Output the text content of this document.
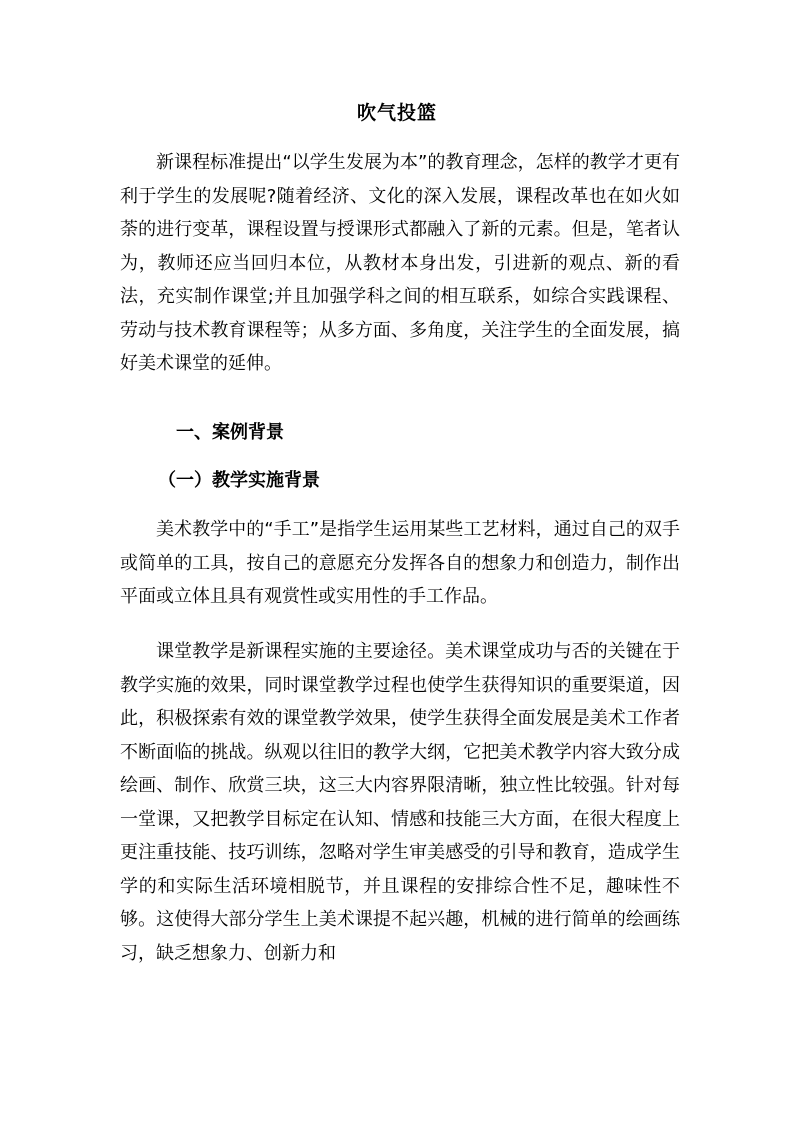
吹气投篮

新课程标准提出“以学生发展为本”的教育理念，怎样的教学才更有利于学生的发展呢?随着经济、文化的深入发展，课程改革也在如火如荼的进行变革，课程设置与授课形式都融入了新的元素。但是，笔者认为，教师还应当回归本位，从教材本身出发，引进新的观点、新的看法，充实制作课堂;并且加强学科之间的相互联系，如综合实践课程、劳动与技术教育课程等；从多方面、多角度，关注学生的全面发展，搞好美术课堂的延伸。

一、案例背景
（一）教学实施背景

美术教学中的“手工”是指学生运用某些工艺材料，通过自己的双手或简单的工具，按自己的意愿充分发挥各自的想象力和创造力，制作出平面或立体且具有观赏性或实用性的手工作品。

课堂教学是新课程实施的主要途径。美术课堂成功与否的关键在于教学实施的效果，同时课堂教学过程也使学生获得知识的重要渠道，因此，积极探索有效的课堂教学效果，使学生获得全面发展是美术工作者不断面临的挑战。纵观以往旧的教学大纲，它把美术教学内容大致分成绘画、制作、欣赏三块，这三大内容界限清晰，独立性比较强。针对每一堂课，又把教学目标定在认知、情感和技能三大方面，在很大程度上更注重技能、技巧训练，忽略对学生审美感受的引导和教育，造成学生学的和实际生活环境相脱节，并且课程的安排综合性不足，趣味性不够。这使得大部分学生上美术课提不起兴趣，机械的进行简单的绘画练习，缺乏想象力、创新力和
